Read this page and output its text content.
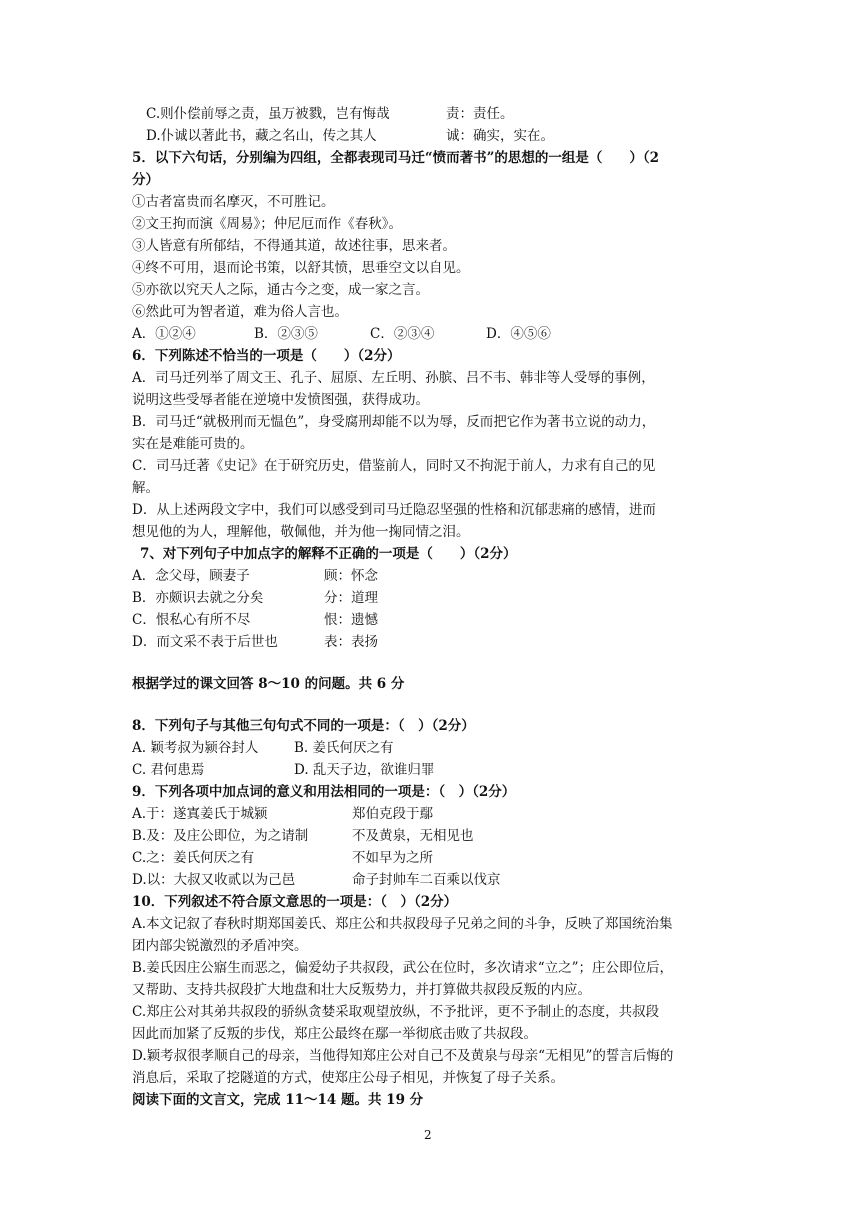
C.则仆偿前辱之责，虽万被戮，岂有悔哉	责：责任。
D.仆诚以著此书，藏之名山，传之其人	诚：确实，实在。
5．以下六句话，分别编为四组，全都表现司马迁“愤而著书”的思想的一组是（　　）（2
分）
①古者富贵而名摩灭，不可胜记。
②文王拘而演《周易》；仲尼厄而作《春秋》。
③人皆意有所郁结，不得通其道，故述往事，思来者。
④终不可用，退而论书策，以舒其愤，思垂空文以自见。
⑤亦欲以究天人之际，通古今之变，成一家之言。
⑥然此可为智者道，难为俗人言也。
A．①②④	B．②③⑤	C．②③④	D．④⑤⑥
6．下列陈述不恰当的一项是（　　）（2分）
A．司马迁列举了周文王、孔子、屈原、左丘明、孙膑、吕不韦、韩非等人受辱的事例，
说明这些受辱者能在逆境中发愤图强，获得成功。
B．司马迁“就极刑而无愠色”，身受腐刑却能不以为辱，反而把它作为著书立说的动力，
实在是难能可贵的。
C．司马迁著《史记》在于研究历史，借鉴前人，同时又不拘泥于前人，力求有自己的见
解。
D．从上述两段文字中，我们可以感受到司马迁隐忍坚强的性格和沉郁悲痛的感情，进而
想见他的为人，理解他，敬佩他，并为他一掬同情之泪。
7、对下列句子中加点字的解释不正确的一项是（　　）（2分）
A．念父母，顾妻子	顾：怀念
B．亦颇识去就之分矣	分：道理
C．恨私心有所不尽	恨：遗憾
D．而文采不表于后世也	表：表扬
根据学过的课文回答 8～10 的问题。共 6 分
8．下列句子与其他三句句式不同的一项是：（　）（2分）
A. 颖考叔为颍谷封人	B. 姜氏何厌之有
C. 君何患焉	D. 乱天子边，欲谁归罪
9．下列各项中加点词的意义和用法相同的一项是：（　）（2分）
A.于：遂寘姜氏于城颍	郑伯克段于鄢
B.及：及庄公即位，为之请制	不及黄泉，无相见也
C.之：姜氏何厌之有	不如早为之所
D.以：大叔又收贰以为己邑	命子封帅车二百乘以伐京
10．下列叙述不符合原文意思的一项是：（　）（2分）
A.本文记叙了春秋时期郑国姜氏、郑庄公和共叔段母子兄弟之间的斗争，反映了郑国统治集
团内部尖锐激烈的矛盾冲突。
B.姜氏因庄公寤生而恶之，偏爱幼子共叔段，武公在位时，多次请求“立之”；庄公即位后，
又帮助、支持共叔段扩大地盘和壮大反叛势力，并打算做共叔段反叛的内应。
C.郑庄公对其弟共叔段的骄纵贪婪采取观望放纵，不予批评，更不予制止的态度，共叔段
因此而加紧了反叛的步伐，郑庄公最终在鄢一举彻底击败了共叔段。
D.颖考叔很孝顺自己的母亲，当他得知郑庄公对自己不及黄泉与母亲“无相见”的誓言后悔的
消息后，采取了挖隧道的方式，使郑庄公母子相见，并恢复了母子关系。
阅读下面的文言文，完成 11～14 题。共 19 分
2
